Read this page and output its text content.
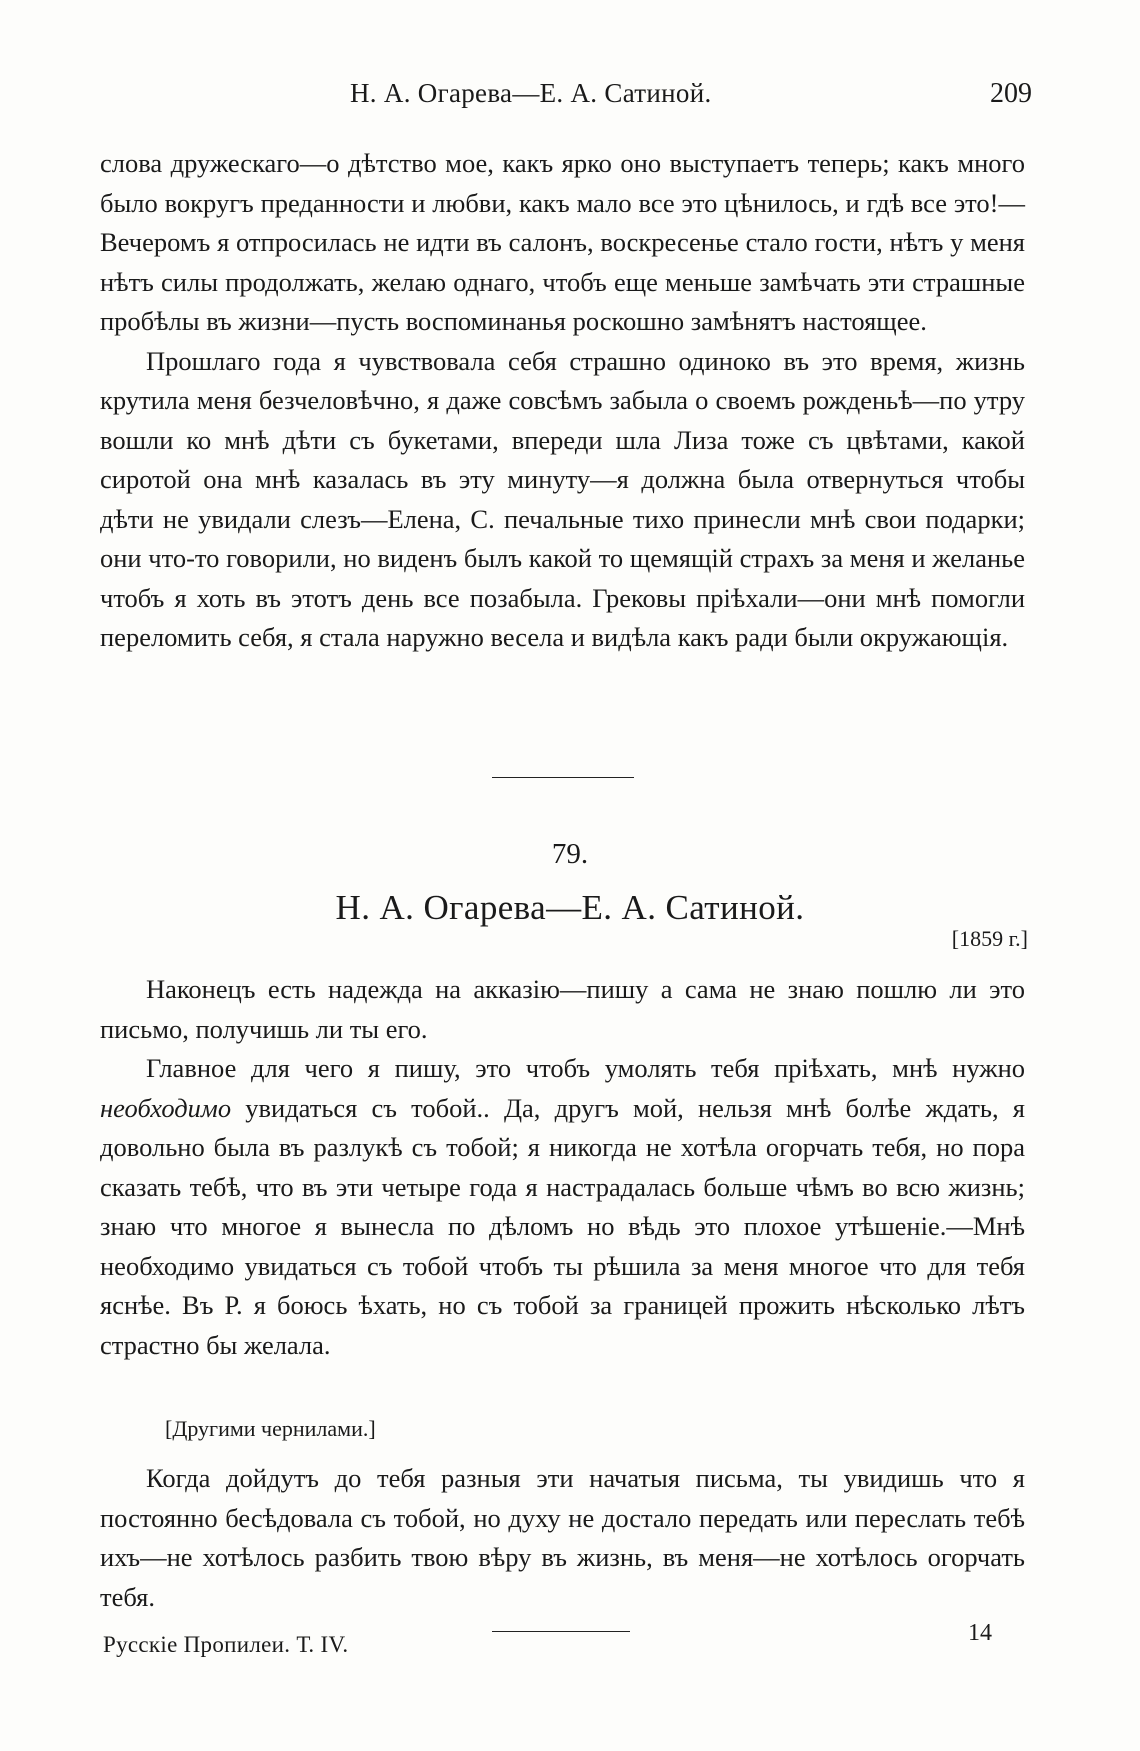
Н. А. Огарева—Е. А. Сатиной.	209

слова дружескаго—о дѣтство мое, какъ ярко оно выступаетъ теперь; какъ много было вокругъ преданности и любви, какъ мало все это цѣнилось, и гдѣ все это!—Вечеромъ я отпросилась не идти въ салонъ, воскресенье стало гости, нѣтъ у меня нѣтъ силы продолжать, желаю однаго, чтобъ еще меньше замѣчать эти страшные пробѣлы въ жизни—пусть воспоминанья роскошно замѣнятъ настоящее.

Прошлаго года я чувствовала себя страшно одиноко въ это время, жизнь крутила меня безчеловѣчно, я даже совсѣмъ забыла о своемъ рожденьѣ—по утру вошли ко мнѣ дѣти съ букетами, впереди шла Лиза тоже съ цвѣтами, какой сиротой она мнѣ казалась въ эту минуту—я должна была отвернуться чтобы дѣти не увидали слезъ—Елена, С. печальные тихо принесли мнѣ свои подарки; они что-то говорили, но виденъ былъ какой то щемящій страхъ за меня и желанье чтобъ я хоть въ этотъ день все позабыла. Грековы пріѣхали—они мнѣ помогли переломить себя, я стала наружно весела и видѣла какъ ради были окружающія.

79.
Н. А. Огарева—Е. А. Сатиной.
[1859 г.]

Наконецъ есть надежда на акказію—пишу а сама не знаю пошлю ли это письмо, получишь ли ты его.

Главное для чего я пишу, это чтобъ умолять тебя пріѣхать, мнѣ нужно необходимо увидаться съ тобой.. Да, другъ мой, нельзя мнѣ болѣе ждать, я довольно была въ разлукѣ съ тобой; я никогда не хотѣла огорчать тебя, но пора сказать тебѣ, что въ эти четыре года я настрадалась больше чѣмъ во всю жизнь; знаю что многое я вынесла по дѣломъ но вѣдь это плохое утѣшеніе.—Мнѣ необходимо увидаться съ тобой чтобъ ты рѣшила за меня многое что для тебя яснѣе. Въ Р. я боюсь ѣхать, но съ тобой за границей прожить нѣсколько лѣтъ страстно бы желала.

[Другими чернилами.]

Когда дойдутъ до тебя разныя эти начатыя письма, ты увидишь что я постоянно бесѣдовала съ тобой, но духу не достало передать или переслать тебѣ ихъ—не хотѣлось разбить твою вѣру въ жизнь, въ меня—не хотѣлось огорчать тебя.

Русскіе Пропилеи. Т. IV.	14
